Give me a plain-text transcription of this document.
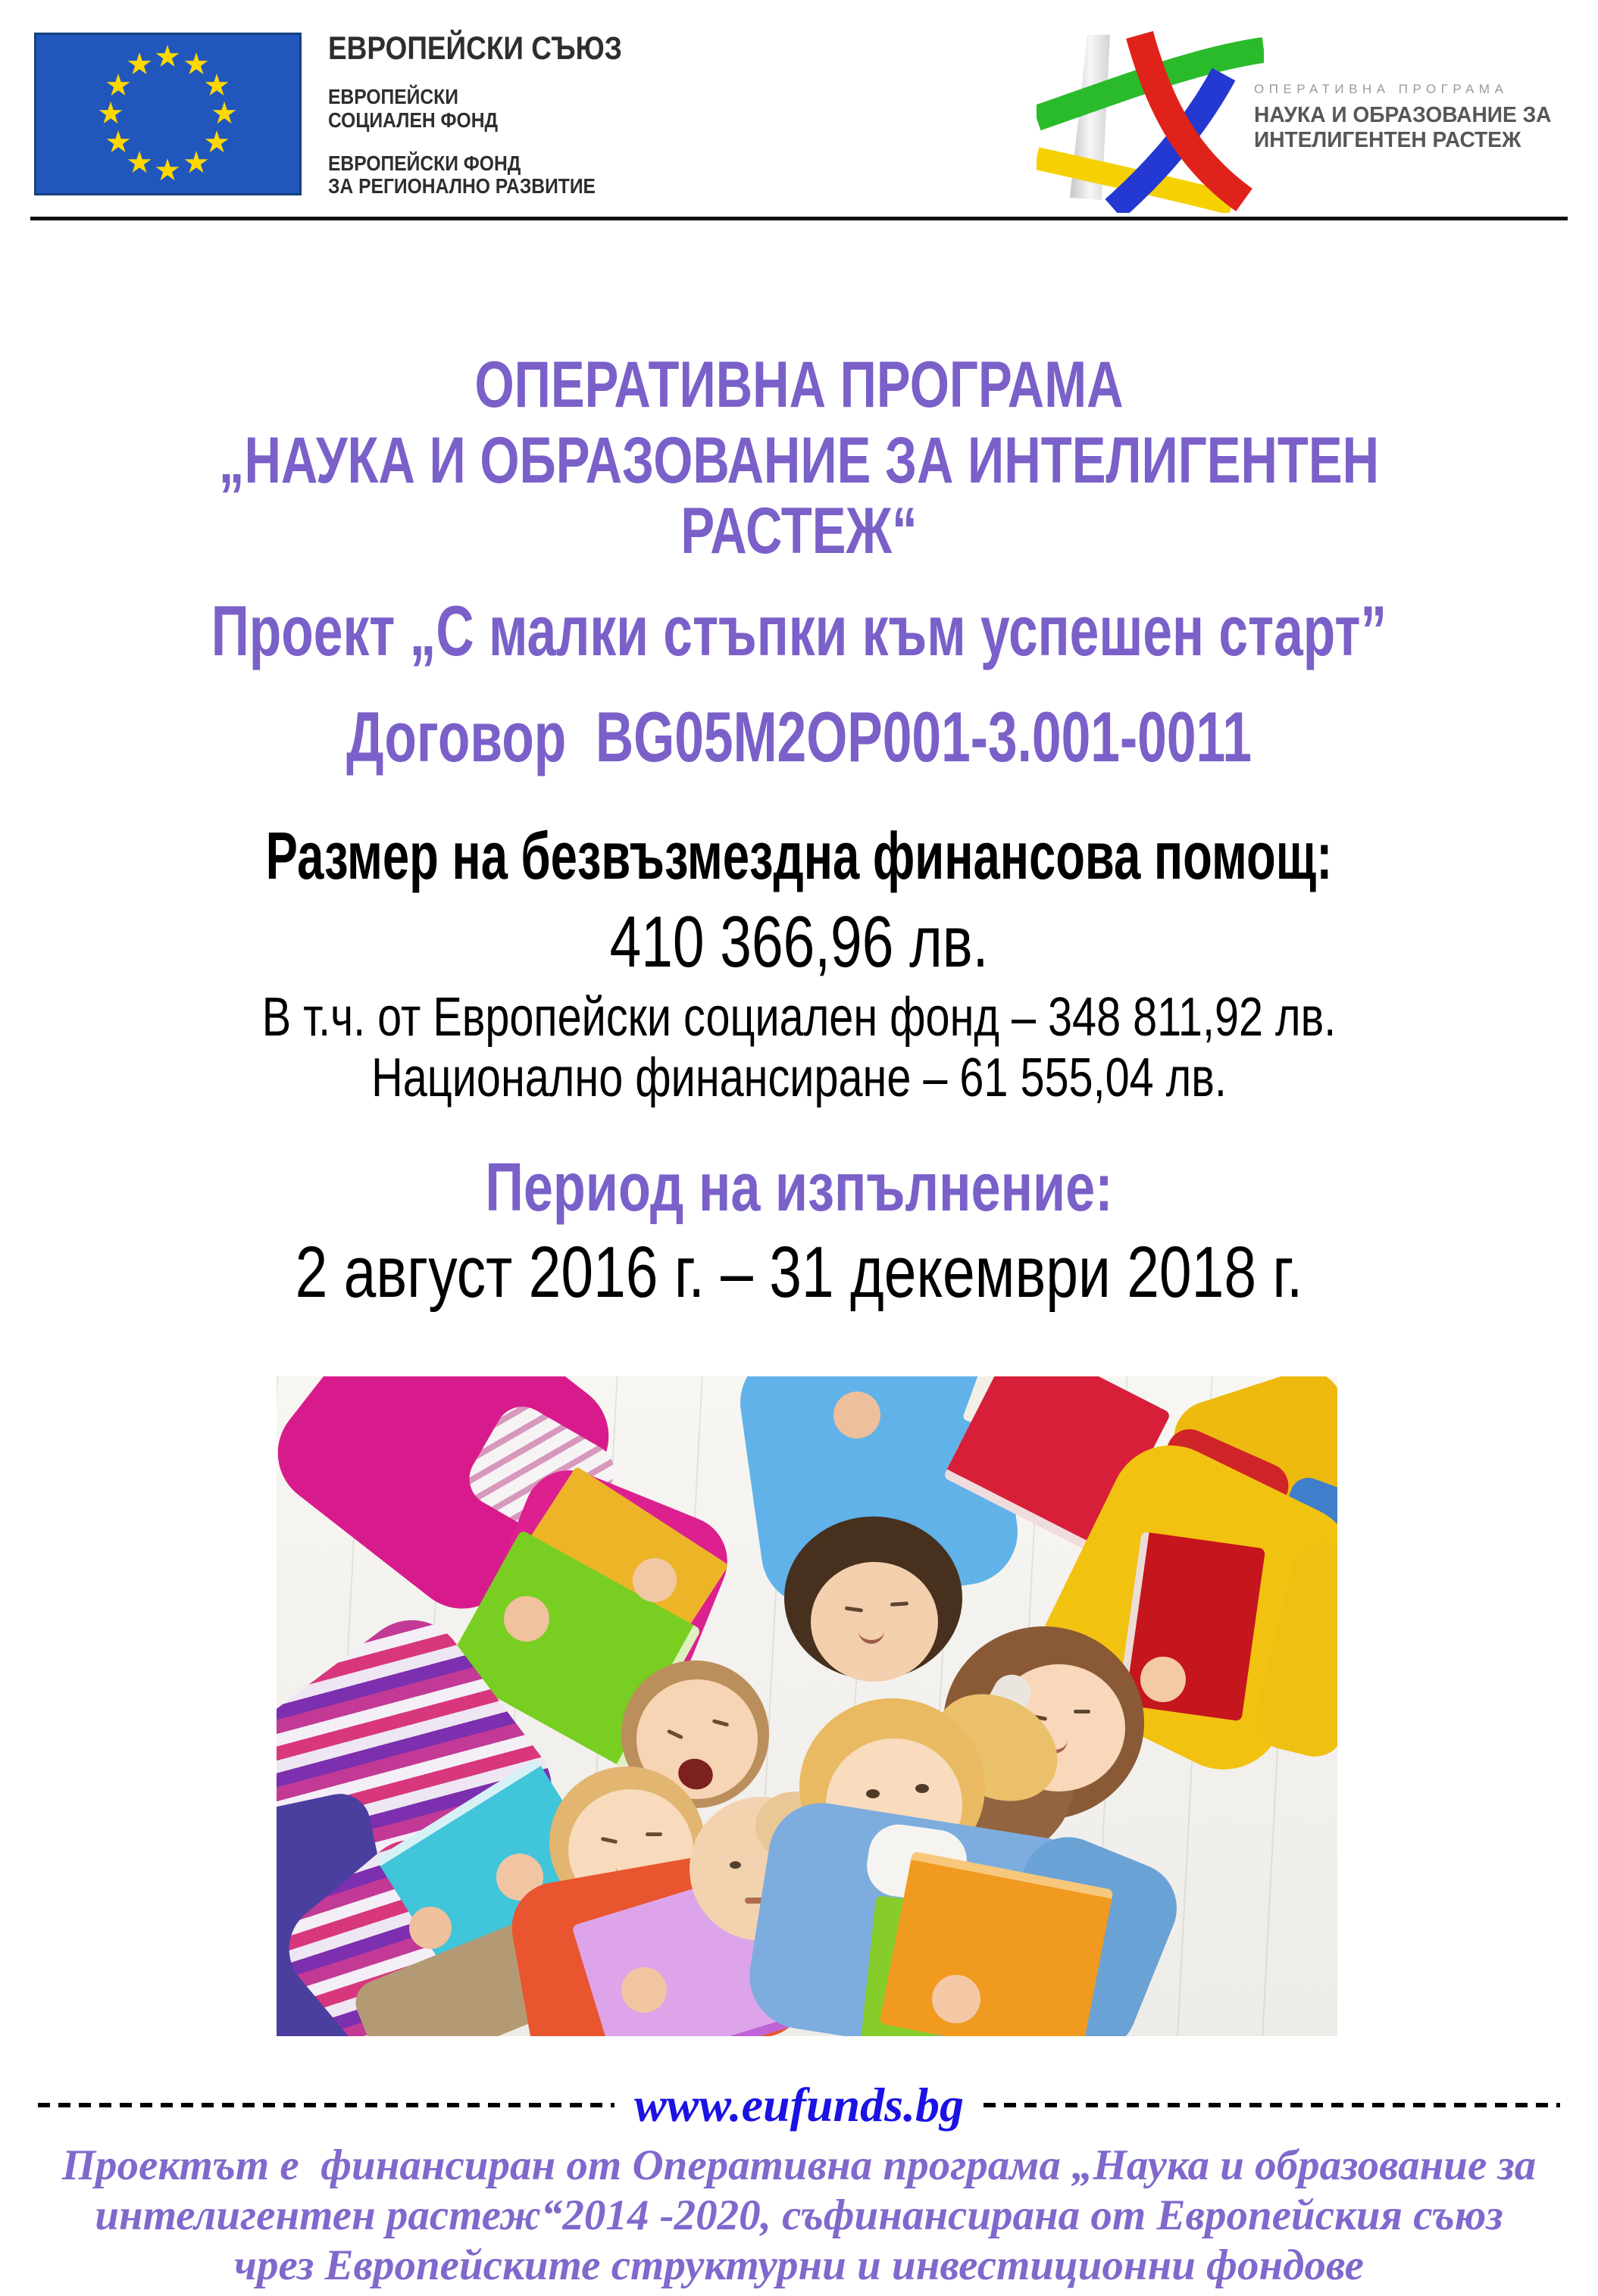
★ ★
★
★
★
★
★
★
★
★
★
★	ЕВРОПЕЙСКИ СЪЮЗ
ЕВРОПЕЙСКИ
СОЦИАЛЕН ФОНД
ЕВРОПЕЙСКИ ФОНД
ЗА РЕГИОНАЛНО РАЗВИТИЕ
ОПЕРАТИВНА ПРОГРАМА
НАУКА И ОБРАЗОВАНИЕ ЗА
ИНТЕЛИГЕНТЕН РАСТЕЖ
ОПЕРАТИВНА ПРОГРАМА
„НАУКА И ОБРАЗОВАНИЕ ЗА ИНТЕЛИГЕНТЕН РАСТЕЖ“
Проект „С малки стъпки към успешен старт”
Договор  BG05M2OP001-3.001-0011
Размер на безвъзмездна финансова помощ:
410 366,96 лв.
В т.ч. от Европейски социален фонд – 348 811,92 лв.
Национално финансиране – 61 555,04 лв.
Период на изпълнение:
2 август 2016 г. – 31 декември 2018 г.
www.eufunds.bg
Проектът е  финансиран от Оперативна програма „Наука и образование за
интелигентен растеж“2014 -2020, съфинансирана от Европейския съюз
чрез Европейските структурни и инвестиционни фондове
